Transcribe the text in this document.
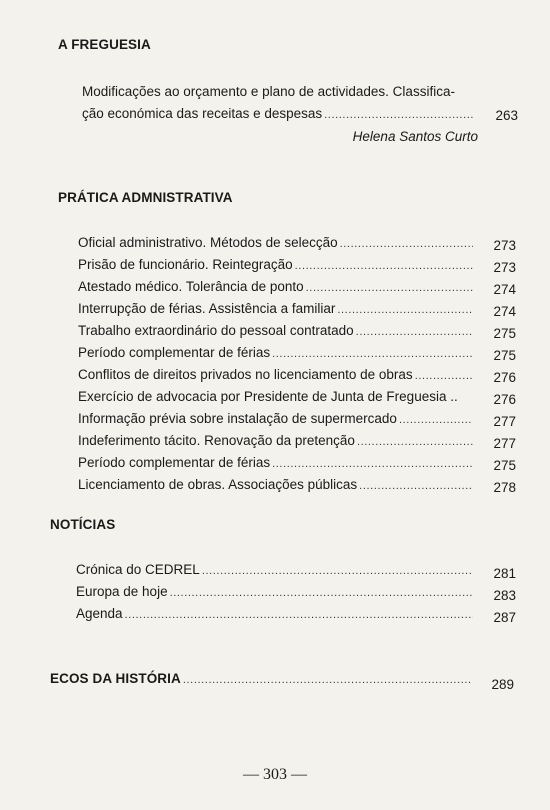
A FREGUESIA
Modificações ao orçamento e plano de actividades. Classifica-
ção económica das receitas e despesas .....	263
Helena Santos Curto
PRÁTICA ADMNISTRATIVA
Oficial administrativo. Métodos de selecção .....	273
Prisão de funcionário. Reintegração .....	273
Atestado médico. Tolerância de ponto .....	274
Interrupção de férias. Assistência a familiar .....	274
Trabalho extraordinário do pessoal contratado .....	275
Período complementar de férias .....	275
Conflitos de direitos privados no licenciamento de obras .....	276
Exercício de advocacia por Presidente de Junta de Freguesia ..	276
Informação prévia sobre instalação de supermercado .....	277
Indeferimento tácito. Renovação da pretenção .....	277
Período complementar de férias .....	275
Licenciamento de obras. Associações públicas .....	278
NOTÍCIAS
Crónica do CEDREL .....	281
Europa de hoje .....	283
Agenda .....	287
ECOS DA HISTÓRIA .....	289
— 303 —
